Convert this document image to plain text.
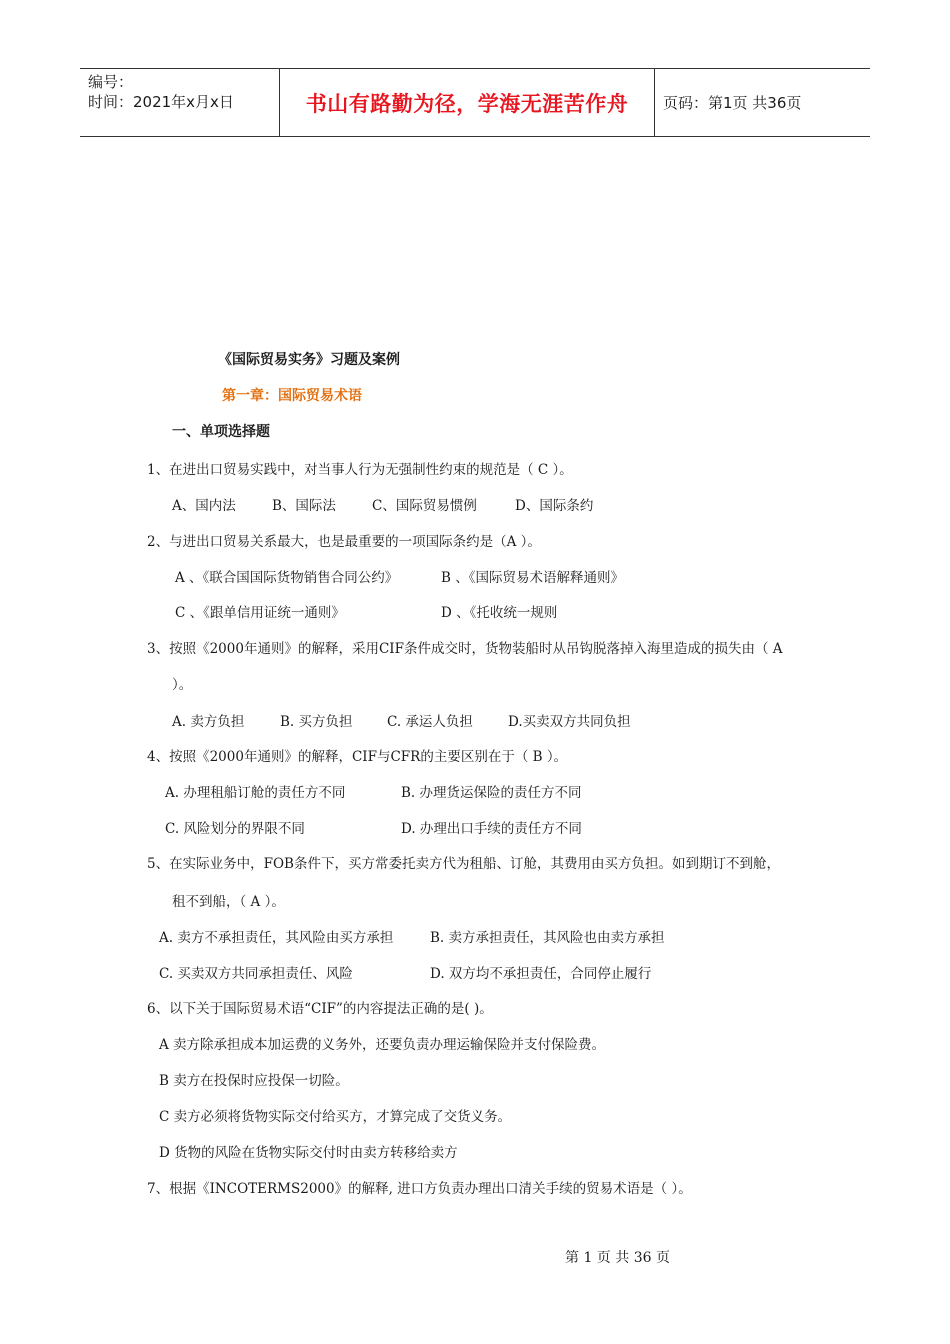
编号：
时间：2021年x月x日	书山有路勤为径，学海无涯苦作舟 页码：第1页 共36页
《国际贸易实务》习题及案例
第一章：国际贸易术语
一、单项选择题
1、在进出口贸易实践中，对当事人行为无强制性约束的规范是（ C ）。
A、国内法	B、国际法	C、国际贸易惯例	D、国际条约
2、与进出口贸易关系最大，也是最重要的一项国际条约是（A ）。
A 、《联合国国际货物销售合同公约》	B 、《国际贸易术语解释通则》
C 、《跟单信用证统一通则》	D 、《托收统一规则
3、按照《2000年通则》的解释，采用CIF条件成交时，货物装船时从吊钩脱落掉入海里造成的损失由（ A
）。
A. 卖方负担	B. 买方负担	C. 承运人负担	D.买卖双方共同负担
4、按照《2000年通则》的解释，CIF与CFR的主要区别在于（ B ）。
A. 办理租船订舱的责任方不同	B. 办理货运保险的责任方不同
C. 风险划分的界限不同	D. 办理出口手续的责任方不同
5、在实际业务中，FOB条件下，买方常委托卖方代为租船、订舱，其费用由买方负担。如到期订不到舱，
租不到船，（ A ）。
A. 卖方不承担责任，其风险由买方承担	B. 卖方承担责任，其风险也由卖方承担
C. 买卖双方共同承担责任、风险	D. 双方均不承担责任，合同停止履行
6、以下关于国际贸易术语“CIF”的内容提法正确的是( )。
A 卖方除承担成本加运费的义务外，还要负责办理运输保险并支付保险费。
B 卖方在投保时应投保一切险。
C 卖方必须将货物实际交付给买方，才算完成了交货义务。
D 货物的风险在货物实际交付时由卖方转移给卖方
7、根据《INCOTERMS2000》的解释, 进口方负责办理出口清关手续的贸易术语是（ ）。
第 1 页 共 36 页
